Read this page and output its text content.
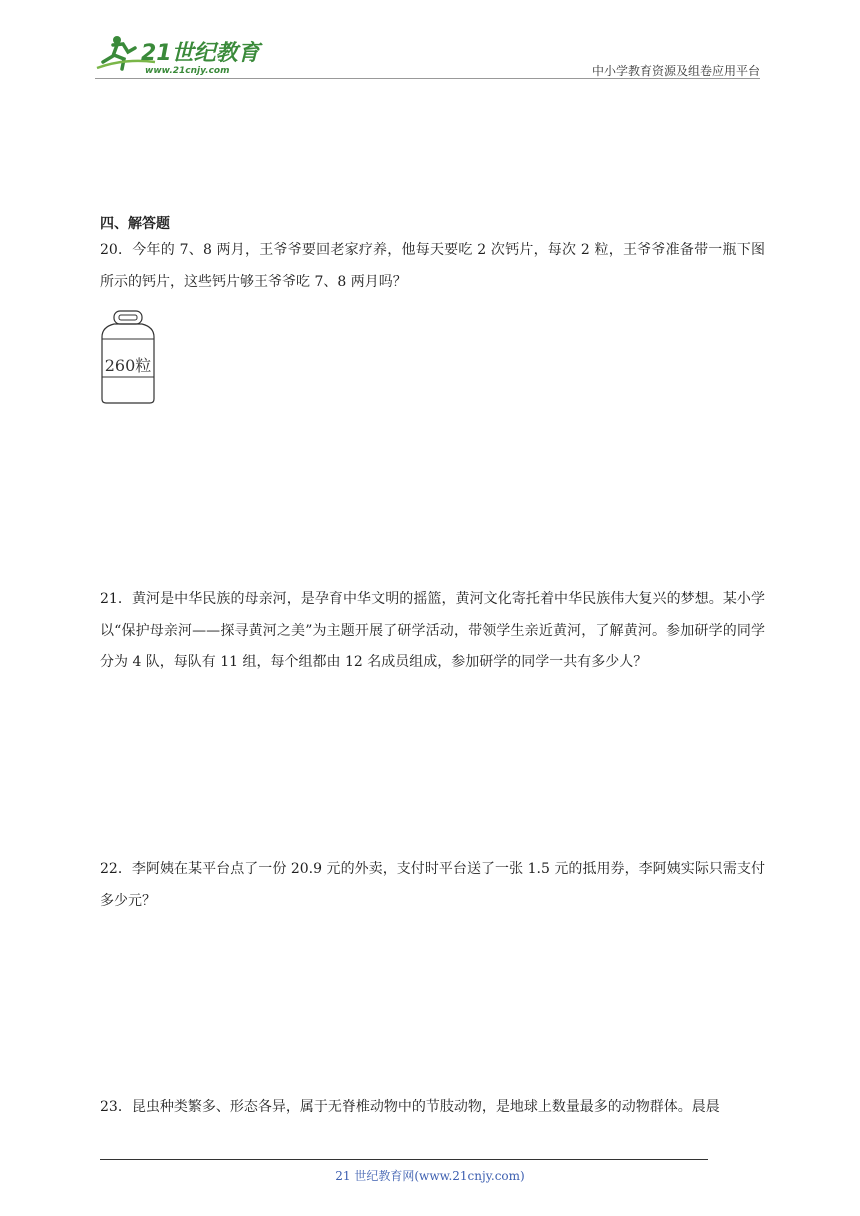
21世纪教育
www.21cnjy.com	中小学教育资源及组卷应用平台
四、解答题

20．今年的 7、8 两月，王爷爷要回老家疗养，他每天要吃 2 次钙片，每次 2 粒，王爷爷准备带一瓶下图所示的钙片，这些钙片够王爷爷吃 7、8 两月吗？

260粒

21．黄河是中华民族的母亲河，是孕育中华文明的摇篮，黄河文化寄托着中华民族伟大复兴的梦想。某小学以“保护母亲河——探寻黄河之美”为主题开展了研学活动，带领学生亲近黄河，了解黄河。参加研学的同学分为 4 队，每队有 11 组，每个组都由 12 名成员组成，参加研学的同学一共有多少人？

22．李阿姨在某平台点了一份 20.9 元的外卖，支付时平台送了一张 1.5 元的抵用券，李阿姨实际只需支付多少元？

23．昆虫种类繁多、形态各异，属于无脊椎动物中的节肢动物，是地球上数量最多的动物群体。晨晨

21 世纪教育网(www.21cnjy.com)
